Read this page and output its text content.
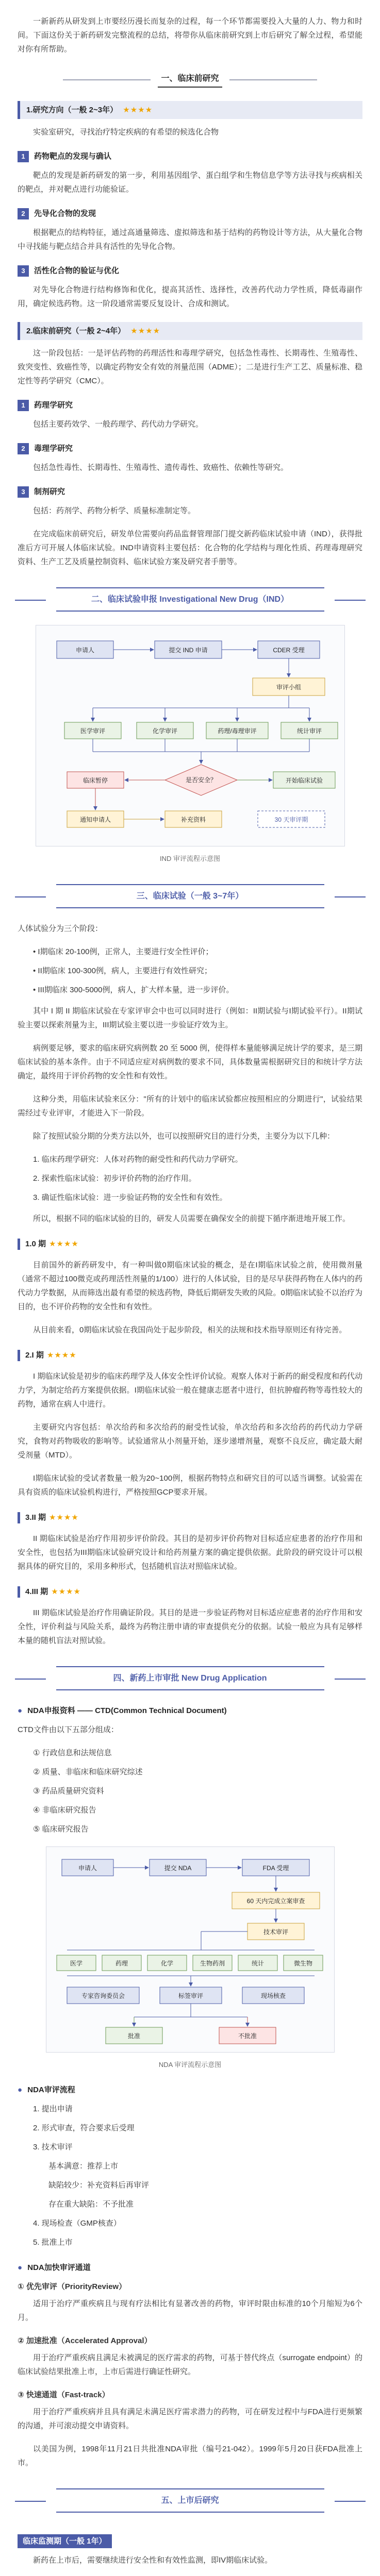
一新新药从研发到上市要经历漫长而复杂的过程，每一个环节都需要投入大量的人力、物力和时间。下面这份关于新药研发完整流程的总结，将带你从临床前研究到上市后研究了解全过程，希望能对你有所帮助。

一、临床前研究
1.研究方向（一般 2~3年） ★★★★

实验室研究，寻找治疗特定疾病的有希望的候选化合物

1	药物靶点的发现与确认

靶点的发现是新药研发的第一步，利用基因组学、蛋白组学和生物信息学等方法寻找与疾病相关的靶点，并对靶点进行功能验证。

2	先导化合物的发现

根据靶点的结构特征，通过高通量筛选、虚拟筛选和基于结构的药物设计等方法，从大量化合物中寻找能与靶点结合并具有活性的先导化合物。

3	活性化合物的验证与优化

对先导化合物进行结构修饰和优化，提高其活性、选择性，改善药代动力学性质，降低毒副作用，确定候选药物。这一阶段通常需要反复设计、合成和测试。

2.临床前研究（一般 2~4年） ★★★★

这一阶段包括：一是评估药物的药理活性和毒理学研究，包括急性毒性、长期毒性、生殖毒性、致突变性、致癌性等，以确定药物安全有效的剂量范围（ADME）；二是进行生产工艺、质量标准、稳定性等药学研究（CMC）。

1	药理学研究

包括主要药效学、一般药理学、药代动力学研究。

2	毒理学研究

包括急性毒性、长期毒性、生殖毒性、遗传毒性、致癌性、依赖性等研究。

3	制剂研究

包括：药剂学、药物分析学、质量标准制定等。

在完成临床前研究后，研发单位需要向药品监督管理部门提交新药临床试验申请（IND），获得批准后方可开展人体临床试验。IND申请资料主要包括：化合物的化学结构与理化性质、药理毒理研究资料、生产工艺及质量控制资料、临床试验方案及研究者手册等。

二、临床试验申报 Investigational New Drug（IND）
申请人	提交 IND 申请	CDER 受理
审评小组
医学审评	化学审评	药理/毒理审评	统计审评
是否安全？
临床暂停	开始临床试验
通知申请人	补充资料	30 天审评期
IND 审评流程示意图
三、临床试验（一般 3~7年）

人体试验分为三个阶段：

• I期临床 20-100例，正常人，主要进行安全性评价；

• II期临床 100-300例，病人，主要进行有效性研究；

• III期临床 300-5000例，病人，扩大样本量，进一步评价。

其中 I 期 II 期临床试验在专家评审会中也可以同时进行（例如：II期试验与I期试验平行）。II期试验主要以探索剂量为主，III期试验主要以进一步验证疗效为主。

病例要足够，要求的临床研究病例数 20 至 5000 例，使得样本量能够满足统计学的要求，是三期临床试验的基本条件。由于不同适应症对病例数的要求不同，具体数量需根据研究目的和统计学方法确定，最终用于评价药物的安全性和有效性。

这种分类，用临床试验来区分："所有的计划中的临床试验都应按照相应的分期进行"，试验结果需经过专业评审，才能进入下一阶段。

除了按照试验分期的分类方法以外，也可以按照研究目的进行分类，主要分为以下几种：

1. 临床药理学研究：人体对药物的耐受性和药代动力学研究。

2. 探索性临床试验：初步评价药物的治疗作用。

3. 确证性临床试验：进一步验证药物的安全性和有效性。

所以，根据不同的临床试验的目的，研发人员需要在确保安全的前提下循序渐进地开展工作。

1.0 期 ★★★★

目前国外的新药研发中，有一种叫做0期临床试验的概念，是在I期临床试验之前，使用微剂量（通常不超过100微克或药理活性剂量的1/100）进行的人体试验，目的是尽早获得药物在人体内的药代动力学数据，从而筛选出最有希望的候选药物，降低后期研发失败的风险。0期临床试验不以治疗为目的，也不评价药物的安全性和有效性。

从目前来看，0期临床试验在我国尚处于起步阶段，相关的法规和技术指导原则还有待完善。

2.I 期 ★★★★

I 期临床试验是初步的临床药理学及人体安全性评价试验。观察人体对于新药的耐受程度和药代动力学，为制定给药方案提供依据。I期临床试验一般在健康志愿者中进行，但抗肿瘤药物等毒性较大的药物，通常在病人中进行。

主要研究内容包括：单次给药和多次给药的耐受性试验，单次给药和多次给药的药代动力学研究，食物对药物吸收的影响等。试验通常从小剂量开始，逐步递增剂量，观察不良反应，确定最大耐受剂量（MTD）。

I期临床试验的受试者数量一般为20~100例，根据药物特点和研究目的可以适当调整。试验需在具有资质的临床试验机构进行，严格按照GCP要求开展。

3.II 期 ★★★★

II 期临床试验是治疗作用初步评价阶段。其目的是初步评价药物对目标适应症患者的治疗作用和安全性，也包括为III期临床试验研究设计和给药剂量方案的确定提供依据。此阶段的研究设计可以根据具体的研究目的，采用多种形式，包括随机盲法对照临床试验。

4.III 期 ★★★★

III 期临床试验是治疗作用确证阶段。其目的是进一步验证药物对目标适应症患者的治疗作用和安全性，评价利益与风险关系，最终为药物注册申请的审查提供充分的依据。试验一般应为具有足够样本量的随机盲法对照试验。

四、新药上市审批 New Drug Application
● NDA申报资料 —— CTD(Common Technical Document)

CTD文件由以下五部分组成：

① 行政信息和法规信息

② 质量、非临床和临床研究综述

③ 药品质量研究资料

④ 非临床研究报告

⑤ 临床研究报告

申请人	提交 NDA	FDA 受理
60 天内完成立案审查
技术审评
医学	药理	化学	生物药剂	统计	微生物
专家咨询委员会	标签审评	现场核查
批准	不批准
NDA 审评流程示意图
● NDA审评流程

1. 提出申请

2. 形式审查，符合要求后受理

3. 技术审评

基本满意：推荐上市

缺陷较少：补充资料后再审评

存在重大缺陷：不予批准

4. 现场检查（GMP核查）

5. 批准上市

● NDA加快审评通道

① 优先审评（PriorityReview）

适用于治疗严重疾病且与现有疗法相比有显著改善的药物，审评时限由标准的10个月缩短为6个月。

② 加速批准（Accelerated Approval）

用于治疗严重疾病且满足未被满足的医疗需求的药物，可基于替代终点（surrogate endpoint）的临床试验结果批准上市，上市后需进行确证性研究。

③ 快速通道（Fast-track）

用于治疗严重疾病并且具有满足未满足医疗需求潜力的药物，可在研发过程中与FDA进行更频繁的沟通，并可滚动提交申请资料。

以美国为例，1998年11月21日共批准NDA审批（编号21-042）。1999年5月20日获FDA批准上市。

五、上市后研究
临床监测期（一般 1年）

新药在上市后，需要继续进行安全性和有效性监测，即IV期临床试验。
